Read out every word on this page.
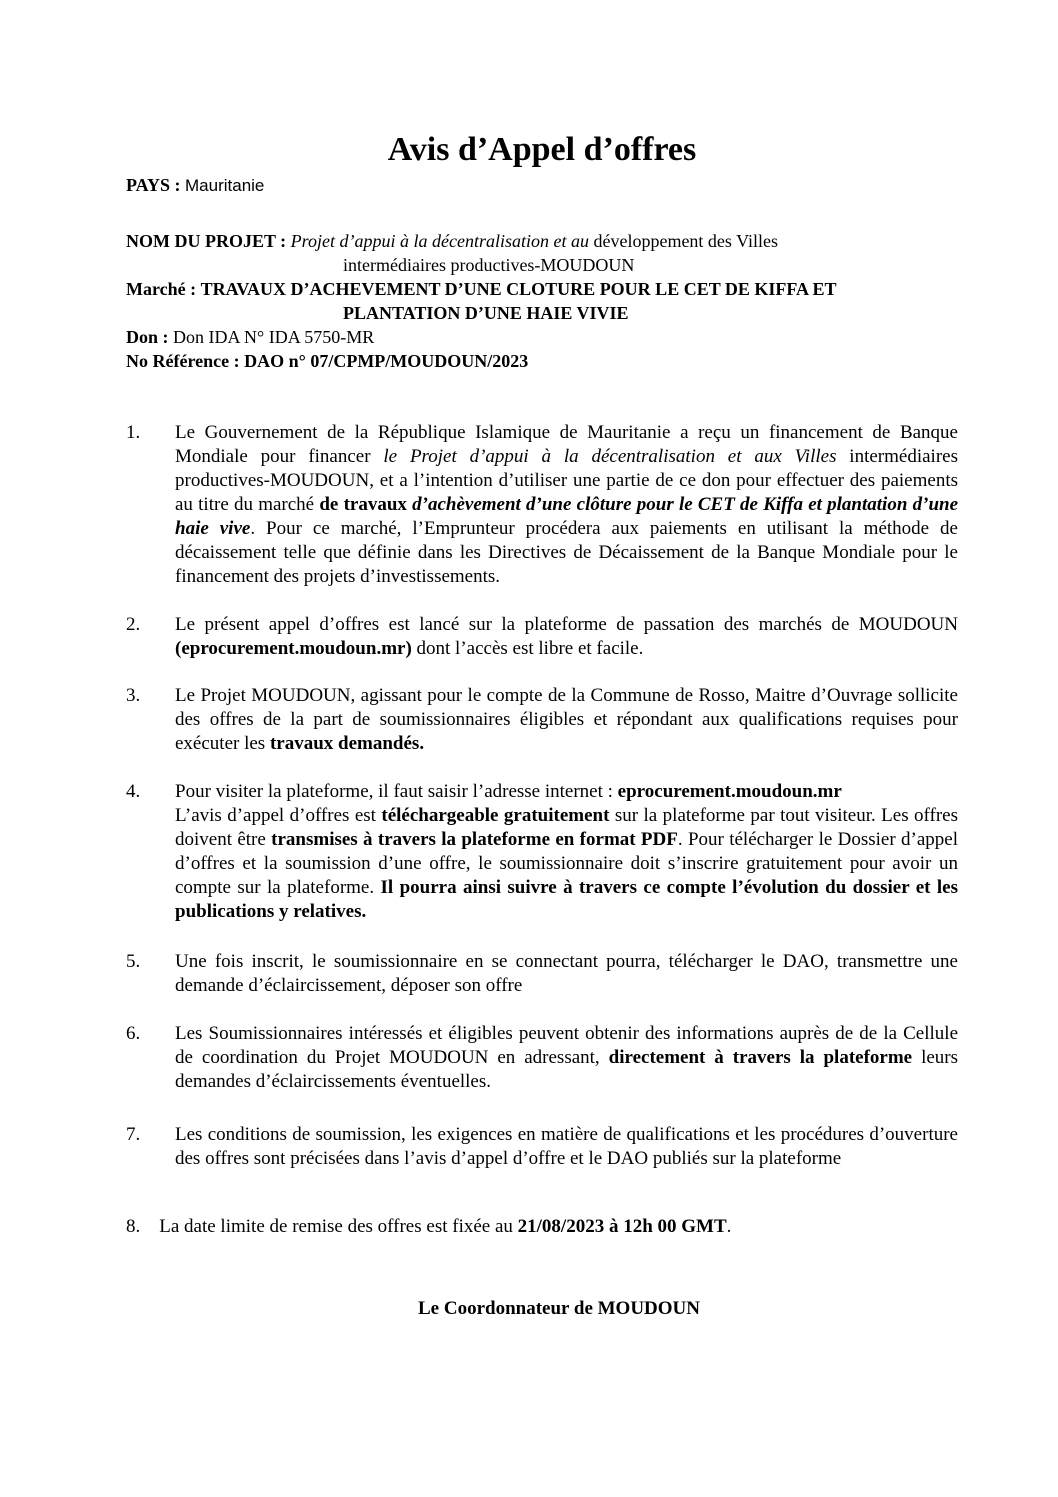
Avis d’Appel d’offres
PAYS : Mauritanie
NOM DU PROJET : Projet d’appui à la décentralisation et au développement des Villes
intermédiaires productives-MOUDOUN
Marché : TRAVAUX D’ACHEVEMENT D’UNE CLOTURE POUR LE CET DE KIFFA ET
PLANTATION D’UNE HAIE VIVIE
Don : Don IDA N° IDA 5750-MR
No Référence : DAO n° 07/CPMP/MOUDOUN/2023
1. Le Gouvernement de la République Islamique de Mauritanie a reçu un financement de Banque Mondiale pour financer le Projet d’appui à la décentralisation et aux Villes intermédiaires productives-MOUDOUN, et a l’intention d’utiliser une partie de ce don pour effectuer des paiements au titre du marché de travaux d’achèvement d’une clôture pour le CET de Kiffa et plantation d’une haie vive. Pour ce marché, l’Emprunteur procédera aux paiements en utilisant la méthode de décaissement telle que définie dans les Directives de Décaissement de la Banque Mondiale pour le financement des projets d’investissements.

2. Le présent appel d’offres est lancé sur la plateforme de passation des marchés de MOUDOUN (eprocurement.moudoun.mr) dont l’accès est libre et facile.

3. Le Projet MOUDOUN, agissant pour le compte de la Commune de Rosso, Maitre d’Ouvrage sollicite des offres de la part de soumissionnaires éligibles et répondant aux qualifications requises pour exécuter les travaux demandés.

4. Pour visiter la plateforme, il faut saisir l’adresse internet : eprocurement.moudoun.mr
L’avis d’appel d’offres est téléchargeable gratuitement sur la plateforme par tout visiteur. Les offres doivent être transmises à travers la plateforme en format PDF. Pour télécharger le Dossier d’appel d’offres et la soumission d’une offre, le soumissionnaire doit s’inscrire gratuitement pour avoir un compte sur la plateforme. Il pourra ainsi suivre à travers ce compte l’évolution du dossier et les publications y relatives.

5. Une fois inscrit, le soumissionnaire en se connectant pourra, télécharger le DAO, transmettre une demande d’éclaircissement, déposer son offre

6. Les Soumissionnaires intéressés et éligibles peuvent obtenir des informations auprès de de la Cellule de coordination du Projet MOUDOUN en adressant, directement à travers la plateforme leurs demandes d’éclaircissements éventuelles.

7. Les conditions de soumission, les exigences en matière de qualifications et les procédures d’ouverture des offres sont précisées dans l’avis d’appel d’offre et le DAO publiés sur la plateforme

8. La date limite de remise des offres est fixée au 21/08/2023 à 12h 00 GMT.
Le Coordonnateur de MOUDOUN
